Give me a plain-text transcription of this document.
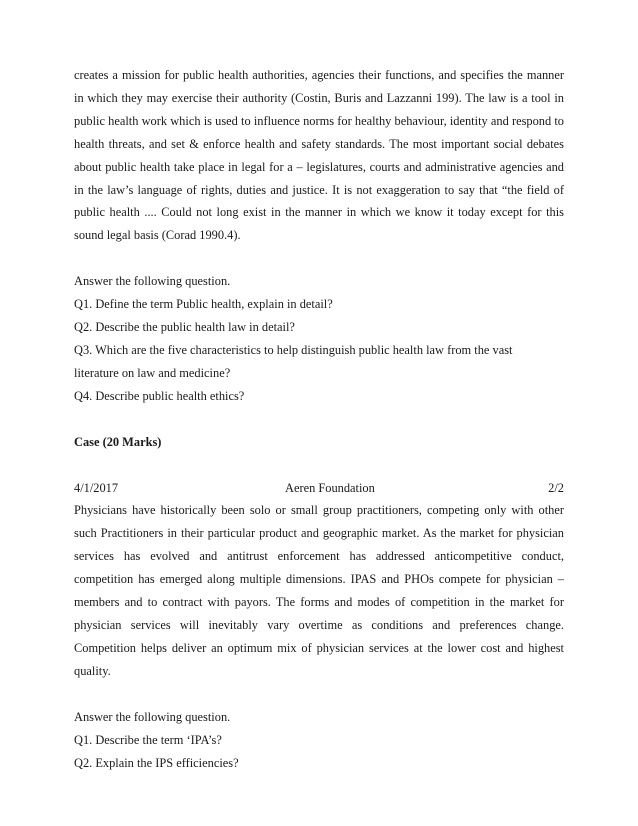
creates a mission for public health authorities, agencies their functions, and specifies the manner in which they may exercise their authority (Costin, Buris and Lazzanni 199). The law is a tool in public health work which is used to influence norms for healthy behaviour, identity and respond to health threats, and set & enforce health and safety standards. The most important social debates about public health take place in legal for a – legislatures, courts and administrative agencies and in the law’s language of rights, duties and justice. It is not exaggeration to say that “the field of public health .... Could not long exist in the manner in which we know it today except for this sound legal basis (Corad 1990.4).

Answer the following question.
Q1. Define the term Public health, explain in detail?
Q2. Describe the public health law in detail?
Q3. Which are the five characteristics to help distinguish public health law from the vast
literature on law and medicine?
Q4. Describe public health ethics?

Case (20 Marks)

4/1/2017	Aeren Foundation	2/2

Physicians have historically been solo or small group practitioners, competing only with other such Practitioners in their particular product and geographic market. As the market for physician services has evolved and antitrust enforcement has addressed anticompetitive conduct, competition has emerged along multiple dimensions. IPAS and PHOs compete for physician – members and to contract with payors. The forms and modes of competition in the market for physician services will inevitably vary overtime as conditions and preferences change. Competition helps deliver an optimum mix of physician services at the lower cost and highest quality.

Answer the following question.
Q1. Describe the term ‘IPA’s?
Q2. Explain the IPS efficiencies?
